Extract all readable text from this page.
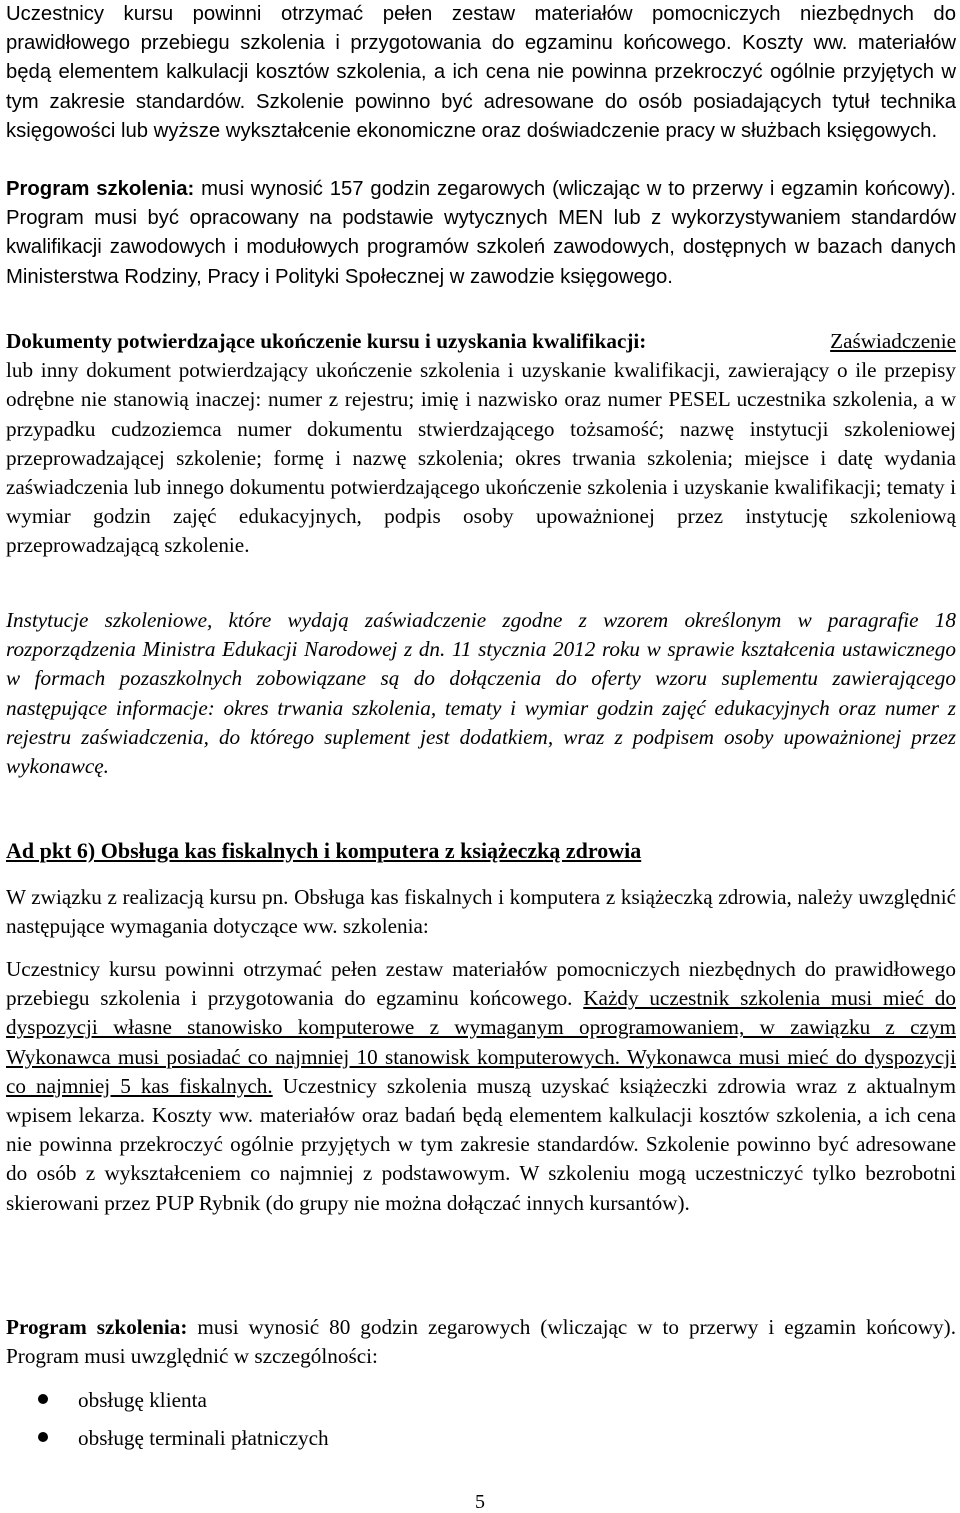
Uczestnicy kursu powinni otrzymać pełen zestaw materiałów pomocniczych niezbędnych do prawidłowego przebiegu szkolenia i przygotowania do egzaminu końcowego. Koszty ww. materiałów będą elementem kalkulacji kosztów szkolenia, a ich cena nie powinna przekroczyć ogólnie przyjętych w tym zakresie standardów. Szkolenie powinno być adresowane do osób posiadających tytuł technika księgowości lub wyższe wykształcenie ekonomiczne oraz doświadczenie pracy w służbach księgowych.

Program szkolenia: musi wynosić 157 godzin zegarowych (wliczając w to przerwy i egzamin końcowy). Program musi być opracowany na podstawie wytycznych MEN lub z wykorzystywaniem standardów kwalifikacji zawodowych i modułowych programów szkoleń zawodowych, dostępnych w bazach danych Ministerstwa Rodziny, Pracy i Polityki Społecznej w zawodzie księgowego.

Dokumenty potwierdzające ukończenie kursu i uzyskania kwalifikacji:	Zaświadczenie

lub inny dokument potwierdzający ukończenie szkolenia i uzyskanie kwalifikacji, zawierający o ile przepisy odrębne nie stanowią inaczej: numer z rejestru; imię i nazwisko oraz numer PESEL uczestnika szkolenia, a w przypadku cudzoziemca numer dokumentu stwierdzającego tożsamość; nazwę instytucji szkoleniowej przeprowadzającej szkolenie; formę i nazwę szkolenia; okres trwania szkolenia; miejsce i datę wydania zaświadczenia lub innego dokumentu potwierdzającego ukończenie szkolenia i uzyskanie kwalifikacji; tematy i wymiar godzin zajęć edukacyjnych, podpis osoby upoważnionej przez instytucję szkoleniową przeprowadzającą szkolenie.

Instytucje szkoleniowe, które wydają zaświadczenie zgodne z wzorem określonym w paragrafie 18 rozporządzenia Ministra Edukacji Narodowej z dn. 11 stycznia 2012 roku w sprawie kształcenia ustawicznego w formach pozaszkolnych zobowiązane są do dołączenia do oferty wzoru suplementu zawierającego następujące informacje: okres trwania szkolenia, tematy i wymiar godzin zajęć edukacyjnych oraz numer z rejestru zaświadczenia, do którego suplement jest dodatkiem, wraz z podpisem osoby upoważnionej przez wykonawcę.

Ad pkt 6) Obsługa kas fiskalnych i komputera z książeczką zdrowia

W związku z realizacją kursu pn. Obsługa kas fiskalnych i komputera z książeczką zdrowia, należy uwzględnić następujące wymagania dotyczące ww. szkolenia:

Uczestnicy kursu powinni otrzymać pełen zestaw materiałów pomocniczych niezbędnych do prawidłowego przebiegu szkolenia i przygotowania do egzaminu końcowego. Każdy uczestnik szkolenia musi mieć do dyspozycji własne stanowisko komputerowe z wymaganym oprogramowaniem, w zawiązku z czym Wykonawca musi posiadać co najmniej 10 stanowisk komputerowych. Wykonawca musi mieć do dyspozycji co najmniej 5 kas fiskalnych. Uczestnicy szkolenia muszą uzyskać książeczki zdrowia wraz z aktualnym wpisem lekarza. Koszty ww. materiałów oraz badań będą elementem kalkulacji kosztów szkolenia, a ich cena nie powinna przekroczyć ogólnie przyjętych w tym zakresie standardów. Szkolenie powinno być adresowane do osób z wykształceniem co najmniej z podstawowym. W szkoleniu mogą uczestniczyć tylko bezrobotni skierowani przez PUP Rybnik (do grupy nie można dołączać innych kursantów).

Program szkolenia: musi wynosić 80 godzin zegarowych (wliczając w to przerwy i egzamin końcowy). Program musi uwzględnić w szczególności:

obsługę klienta
obsługę terminali płatniczych
5
